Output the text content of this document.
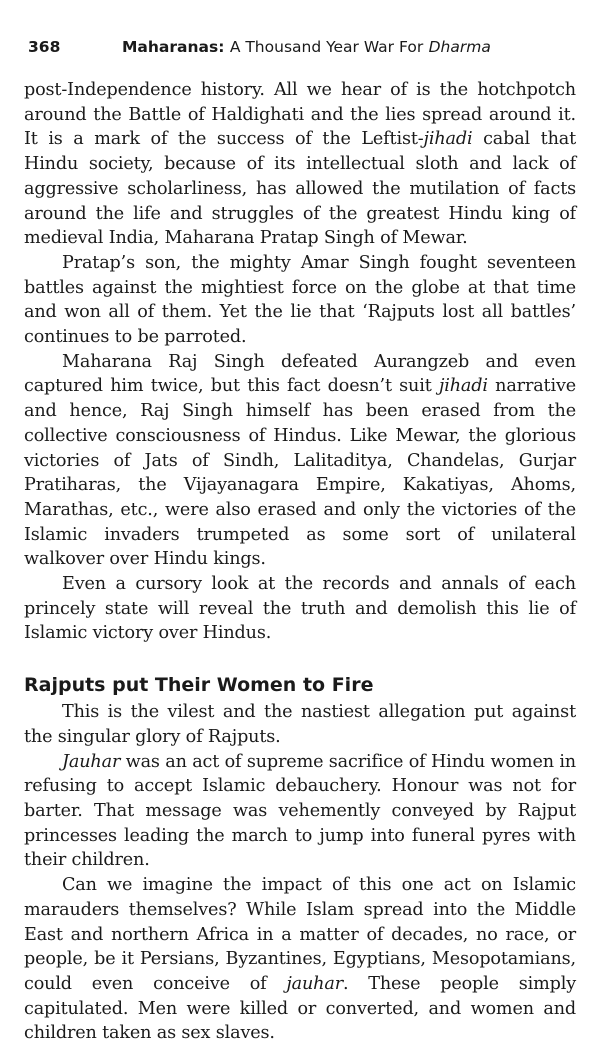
368	Maharanas: A Thousand Year War For Dharma

post-Independence history. All we hear of is the hotchpotch around the Battle of Haldighati and the lies spread around it. It is a mark of the success of the Leftist-jihadi cabal that Hindu society, because of its intellectual sloth and lack of aggressive scholarliness, has allowed the mutilation of facts around the life and struggles of the greatest Hindu king of medieval India, Maharana Pratap Singh of Mewar.

Pratap’s son, the mighty Amar Singh fought seventeen battles against the mightiest force on the globe at that time and won all of them. Yet the lie that ‘Rajputs lost all battles’ continues to be parroted.

Maharana Raj Singh defeated Aurangzeb and even captured him twice, but this fact doesn’t suit jihadi narrative and hence, Raj Singh himself has been erased from the collective consciousness of Hindus. Like Mewar, the glorious victories of Jats of Sindh, Lalitaditya, Chandelas, Gurjar Pratiharas, the Vijayanagara Empire, Kakatiyas, Ahoms, Marathas, etc., were also erased and only the victories of the Islamic invaders trumpeted as some sort of unilateral walkover over Hindu kings.

Even a cursory look at the records and annals of each princely state will reveal the truth and demolish this lie of Islamic victory over Hindus.

Rajputs put Their Women to Fire

This is the vilest and the nastiest allegation put against the singular glory of Rajputs.

Jauhar was an act of supreme sacrifice of Hindu women in refusing to accept Islamic debauchery. Honour was not for barter. That message was vehemently conveyed by Rajput princesses leading the march to jump into funeral pyres with their children.

Can we imagine the impact of this one act on Islamic marauders themselves? While Islam spread into the Middle East and northern Africa in a matter of decades, no race, or people, be it Persians, Byzantines, Egyptians, Mesopotamians, could even conceive of jauhar. These people simply capitulated. Men were killed or converted, and women and children taken as sex slaves.
